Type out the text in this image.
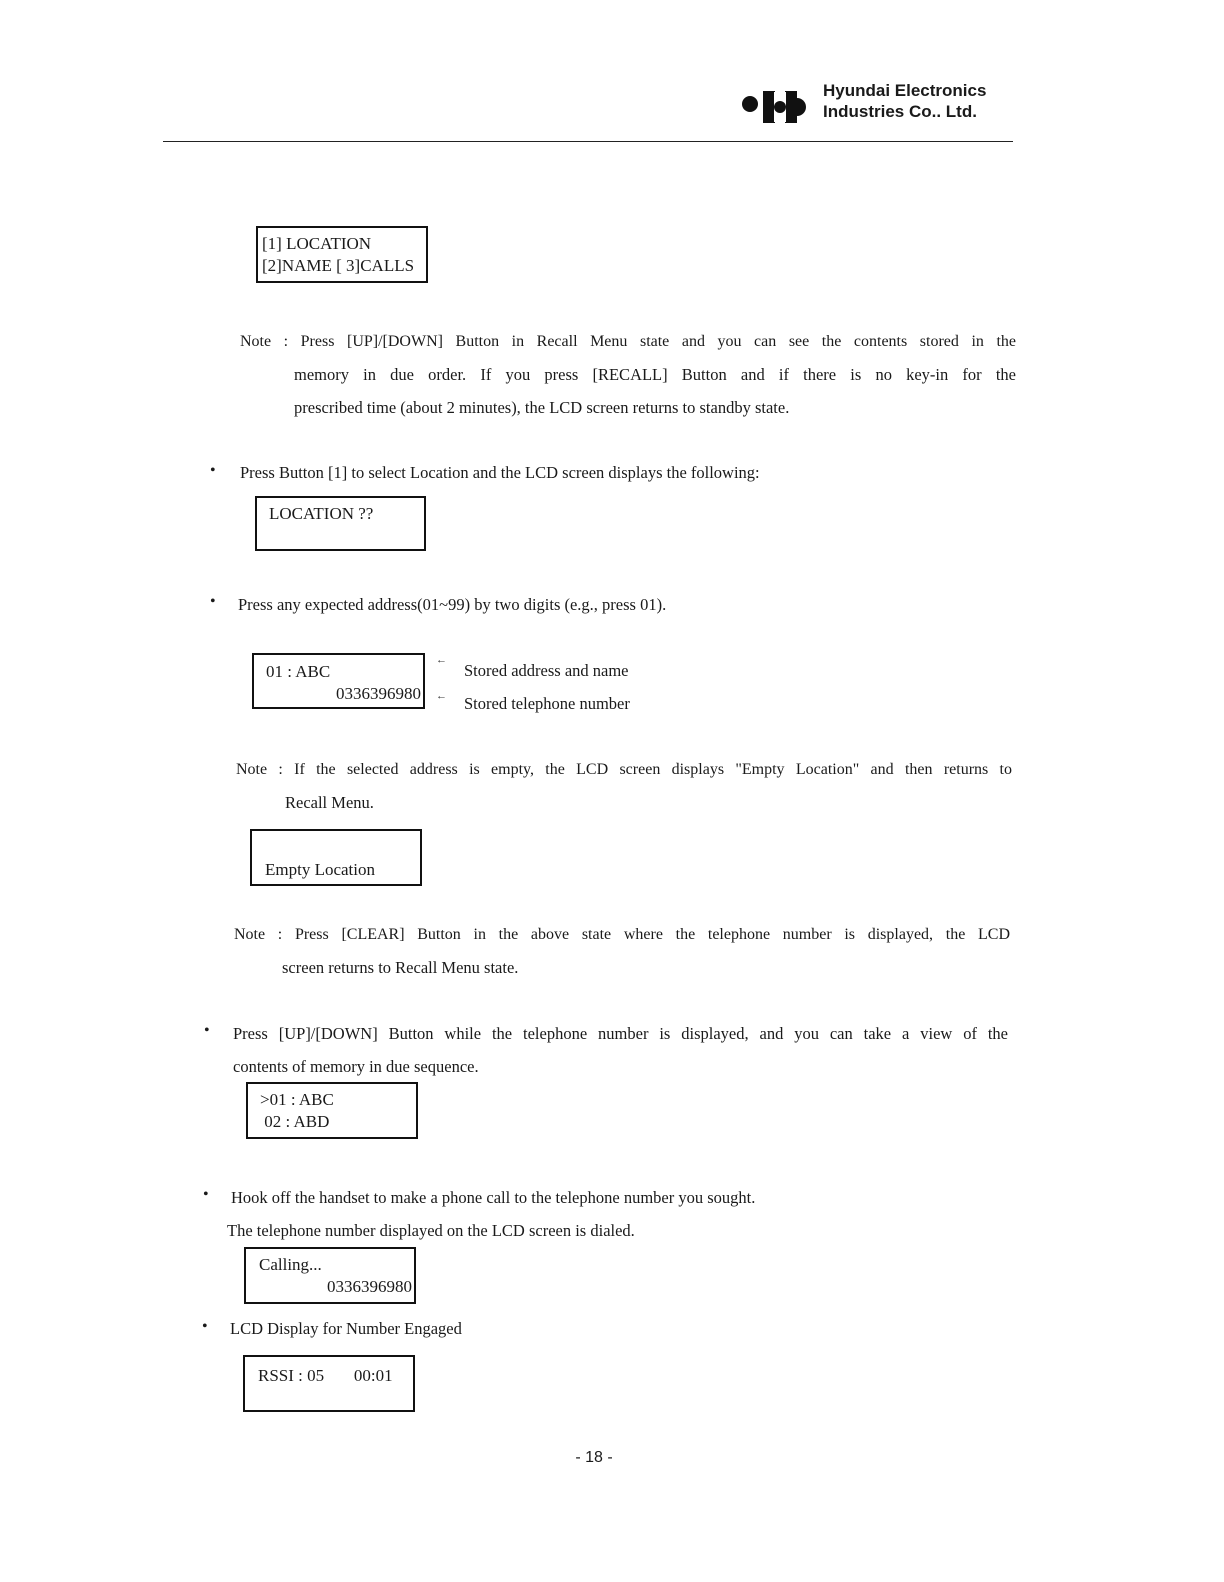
Hyundai Electronics
Industries Co.. Ltd.
[1] LOCATION
[2]NAME [ 3]CALLS
Note : Press [UP]/[DOWN] Button in Recall Menu state and you can see the contents stored in the
memory in due order. If you press [RECALL] Button and if there is no key-in for the
prescribed time (about 2 minutes), the LCD screen returns to standby state.
• Press Button [1] to select Location and the LCD screen displays the following:
LOCATION ??
• Press any expected address(01~99) by two digits (e.g., press 01).
01 : ABC
0336396980
←
←
Stored address and name
Stored telephone number
Note : If the selected address is empty, the LCD screen displays "Empty Location" and then returns to
Recall Menu.
Empty Location
Note : Press [CLEAR] Button in the above state where the telephone number is displayed, the LCD
screen returns to Recall Menu state.
• Press [UP]/[DOWN] Button while the telephone number is displayed, and you can take a view of the
contents of memory in due sequence.
>01 : ABC
02 : ABD
• Hook off the handset to make a phone call to the telephone number you sought.
The telephone number displayed on the LCD screen is dialed.
Calling...
0336396980
• LCD Display for Number Engaged
RSSI : 05       00:01
- 18 -
